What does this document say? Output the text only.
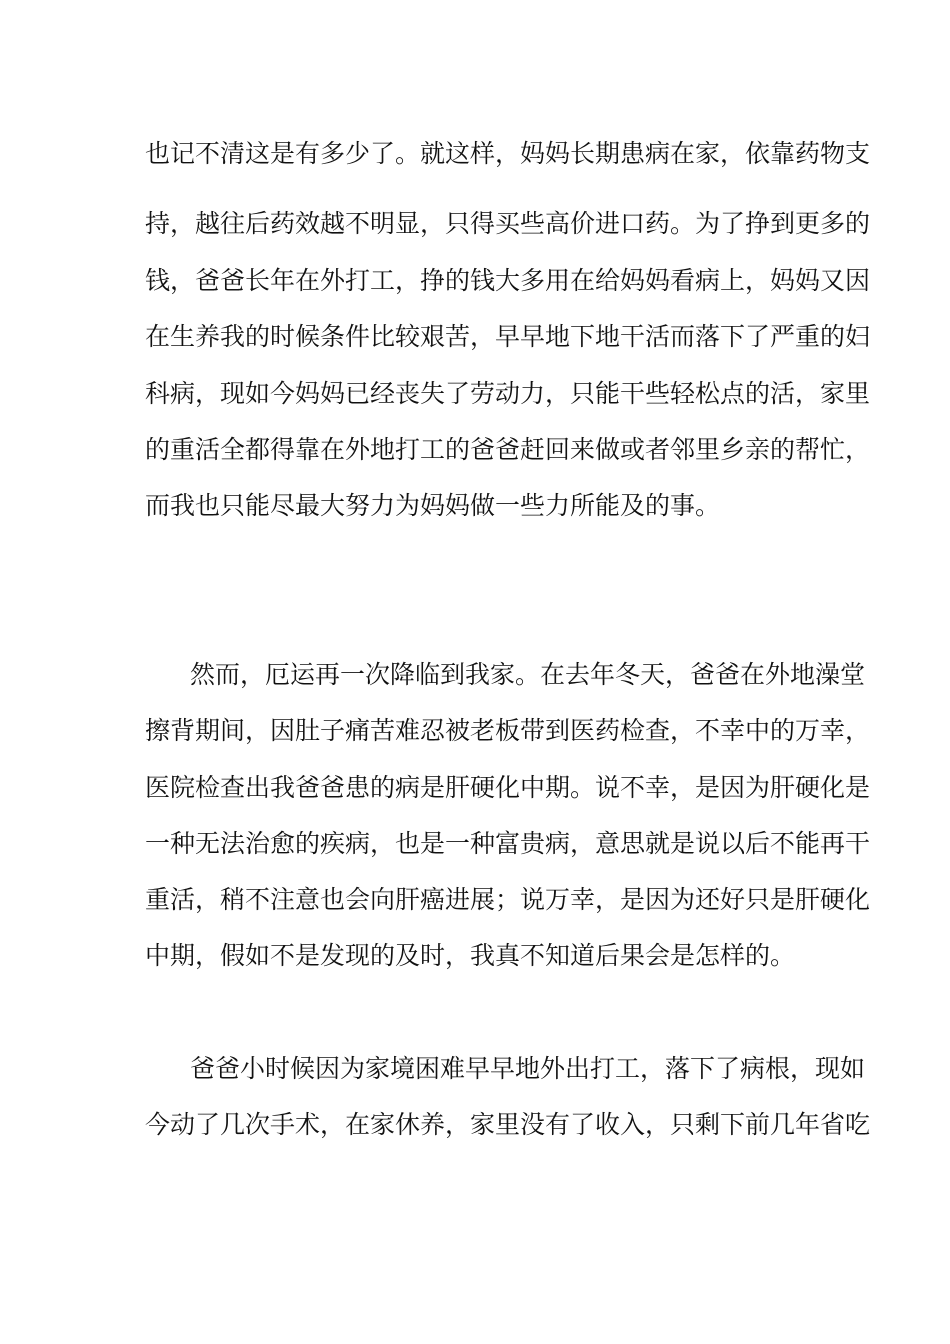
也记不清这是有多少了。就这样，妈妈长期患病在家，依靠药物支
持，越往后药效越不明显，只得买些高价进口药。为了挣到更多的
钱，爸爸长年在外打工，挣的钱大多用在给妈妈看病上，妈妈又因
在生养我的时候条件比较艰苦，早早地下地干活而落下了严重的妇
科病，现如今妈妈已经丧失了劳动力，只能干些轻松点的活，家里
的重活全都得靠在外地打工的爸爸赶回来做或者邻里乡亲的帮忙，
而我也只能尽最大努力为妈妈做一些力所能及的事。
然而，厄运再一次降临到我家。在去年冬天，爸爸在外地澡堂
擦背期间，因肚子痛苦难忍被老板带到医药检查，不幸中的万幸，
医院检查出我爸爸患的病是肝硬化中期。说不幸，是因为肝硬化是
一种无法治愈的疾病，也是一种富贵病，意思就是说以后不能再干
重活，稍不注意也会向肝癌进展；说万幸，是因为还好只是肝硬化
中期，假如不是发现的及时，我真不知道后果会是怎样的。
爸爸小时候因为家境困难早早地外出打工，落下了病根，现如
今动了几次手术，在家休养，家里没有了收入，只剩下前几年省吃
